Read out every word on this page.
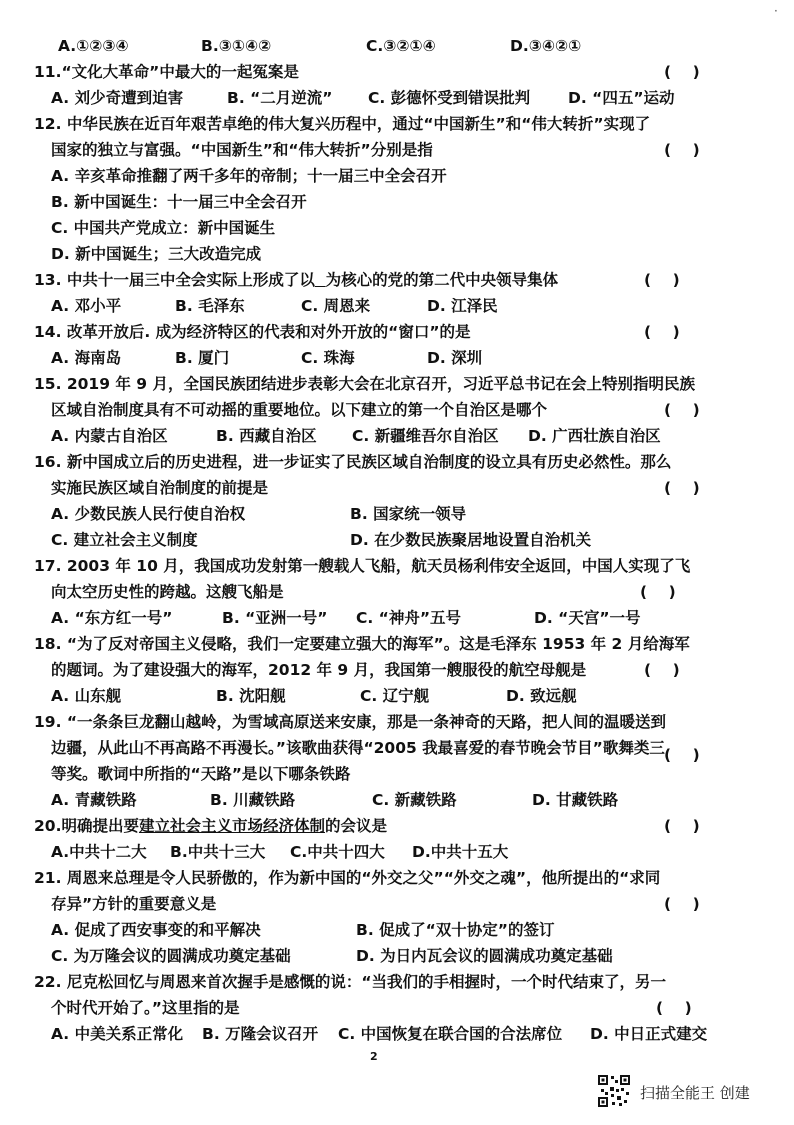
·
A.①②③④	B.③①④②	C.③②①④	D.③④②①
11.“文化大革命”中最大的一起冤案是	(    )
A. 刘少奇遭到迫害	B. “二月逆流” C. 彭德怀受到错误批判 D. “四五”运动
12. 中华民族在近百年艰苦卓绝的伟大复兴历程中，通过“中国新生”和“伟大转折”实现了
国家的独立与富强。“中国新生”和“伟大转折”分别是指	(    )
A. 辛亥革命推翻了两千多年的帝制；十一届三中全会召开
B. 新中国诞生：十一届三中全会召开
C. 中国共产党成立：新中国诞生
D. 新中国诞生；三大改造完成
13. 中共十一届三中全会实际上形成了以 为核心的党的第二代中央领导集体	(    )
A. 邓小平	B. 毛泽东	C. 周恩来	D. 江泽民
14. 改革开放后. 成为经济特区的代表和对外开放的“窗口”的是	(    )
A. 海南岛	B. 厦门	C. 珠海	D. 深圳
15. 2019 年 9 月，全国民族团结进步表彰大会在北京召开，习近平总书记在会上特别指明民族
区域自治制度具有不可动摇的重要地位。以下建立的第一个自治区是哪个	(    )
A. 内蒙古自治区	B. 西藏自治区 C. 新疆维吾尔自治区 D. 广西壮族自治区
16. 新中国成立后的历史进程，进一步证实了民族区域自治制度的设立具有历史必然性。那么
实施民族区域自治制度的前提是	(    )
A. 少数民族人民行使自治权	B. 国家统一领导
C. 建立社会主义制度	D. 在少数民族聚居地设置自治机关
17. 2003 年 10 月，我国成功发射第一艘载人飞船，航天员杨利伟安全返回，中国人实现了飞
向太空历史性的跨越。这艘飞船是	(    )
A. “东方红一号”	B. “亚洲一号” C. “神舟”五号	D. “天宫”一号
18. “为了反对帝国主义侵略，我们一定要建立强大的海军”。这是毛泽东 1953 年 2 月给海军
的题词。为了建设强大的海军，2012 年 9 月，我国第一艘服役的航空母舰是	(    )
A. 山东舰	B. 沈阳舰	C. 辽宁舰	D. 致远舰
19. “一条条巨龙翻山越岭，为雪域高原送来安康，那是一条神奇的天路，把人间的温暖送到
边疆，从此山不再高路不再漫长。”该歌曲获得“2005 我最喜爱的春节晚会节目”歌舞类三
等奖。歌词中所指的“天路”是以下哪条铁路
(    )
A. 青藏铁路	B. 川藏铁路	C. 新藏铁路	D. 甘藏铁路
20.明确提出要建立社会主义市场经济体制的会议是	(    )
A.中共十二大 B.中共十三大 C.中共十四大 D.中共十五大
21. 周恩来总理是令人民骄傲的，作为新中国的“外交之父”“外交之魂”，他所提出的“求同
存异”方针的重要意义是	(    )
A. 促成了西安事变的和平解决	B. 促成了“双十协定”的签订
C. 为万隆会议的圆满成功奠定基础	D. 为日内瓦会议的圆满成功奠定基础
22. 尼克松回忆与周恩来首次握手是感慨的说：“当我们的手相握时，一个时代结束了，另一
个时代开始了。”这里指的是	(    )
A. 中美关系正常化 B. 万隆会议召开 C. 中国恢复在联合国的合法席位 D. 中日正式建交
2
扫描全能王 创建
